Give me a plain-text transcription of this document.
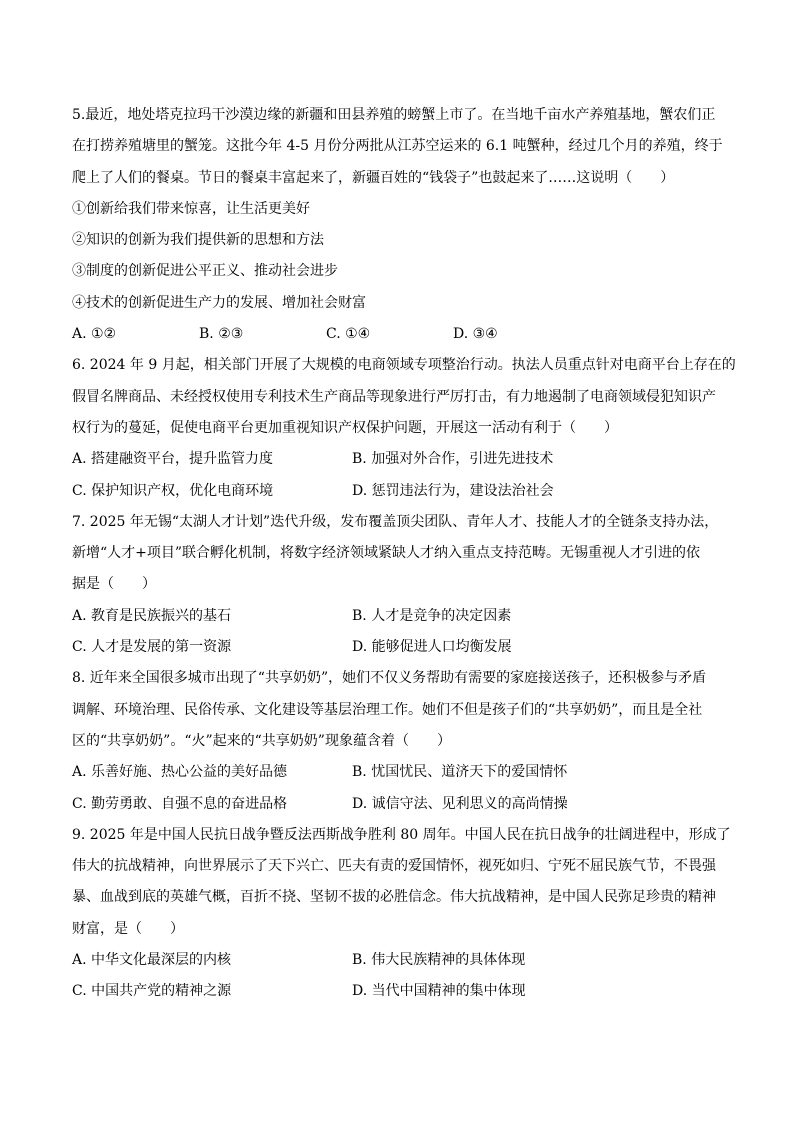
5.最近，地处塔克拉玛干沙漠边缘的新疆和田县养殖的螃蟹上市了。在当地千亩水产养殖基地，蟹农们正
在打捞养殖塘里的蟹笼。这批今年 4-5 月份分两批从江苏空运来的 6.1 吨蟹种，经过几个月的养殖，终于
爬上了人们的餐桌。节日的餐桌丰富起来了，新疆百姓的“钱袋子”也鼓起来了……这说明（　　）
①创新给我们带来惊喜，让生活更美好
②知识的创新为我们提供新的思想和方法
③制度的创新促进公平正义、推动社会进步
④技术的创新促进生产力的发展、增加社会财富
A. ①②	B. ②③	C. ①④	D. ③④
6. 2024 年 9 月起，相关部门开展了大规模的电商领域专项整治行动。执法人员重点针对电商平台上存在的
假冒名牌商品、未经授权使用专利技术生产商品等现象进行严厉打击，有力地遏制了电商领域侵犯知识产
权行为的蔓延，促使电商平台更加重视知识产权保护问题，开展这一活动有利于（　　）
A. 搭建融资平台，提升监管力度	B. 加强对外合作，引进先进技术
C. 保护知识产权，优化电商环境	D. 惩罚违法行为，建设法治社会
7. 2025 年无锡“太湖人才计划”迭代升级，发布覆盖顶尖团队、青年人才、技能人才的全链条支持办法，
新增“人才+项目”联合孵化机制，将数字经济领域紧缺人才纳入重点支持范畴。无锡重视人才引进的依
据是（　　）
A. 教育是民族振兴的基石	B. 人才是竞争的决定因素
C. 人才是发展的第一资源	D. 能够促进人口均衡发展
8. 近年来全国很多城市出现了“共享奶奶”，她们不仅义务帮助有需要的家庭接送孩子，还积极参与矛盾
调解、环境治理、民俗传承、文化建设等基层治理工作。她们不但是孩子们的“共享奶奶”，而且是全社
区的“共享奶奶”。“火”起来的“共享奶奶”现象蕴含着（　　）
A. 乐善好施、热心公益的美好品德	B. 忧国忧民、道济天下的爱国情怀
C. 勤劳勇敢、自强不息的奋进品格	D. 诚信守法、见利思义的高尚情操
9. 2025 年是中国人民抗日战争暨反法西斯战争胜利 80 周年。中国人民在抗日战争的壮阔进程中，形成了
伟大的抗战精神，向世界展示了天下兴亡、匹夫有责的爱国情怀，视死如归、宁死不屈民族气节，不畏强
暴、血战到底的英雄气概，百折不挠、坚韧不拔的必胜信念。伟大抗战精神，是中国人民弥足珍贵的精神
财富，是（　　）
A. 中华文化最深层的内核	B. 伟大民族精神的具体体现
C. 中国共产党的精神之源	D. 当代中国精神的集中体现
